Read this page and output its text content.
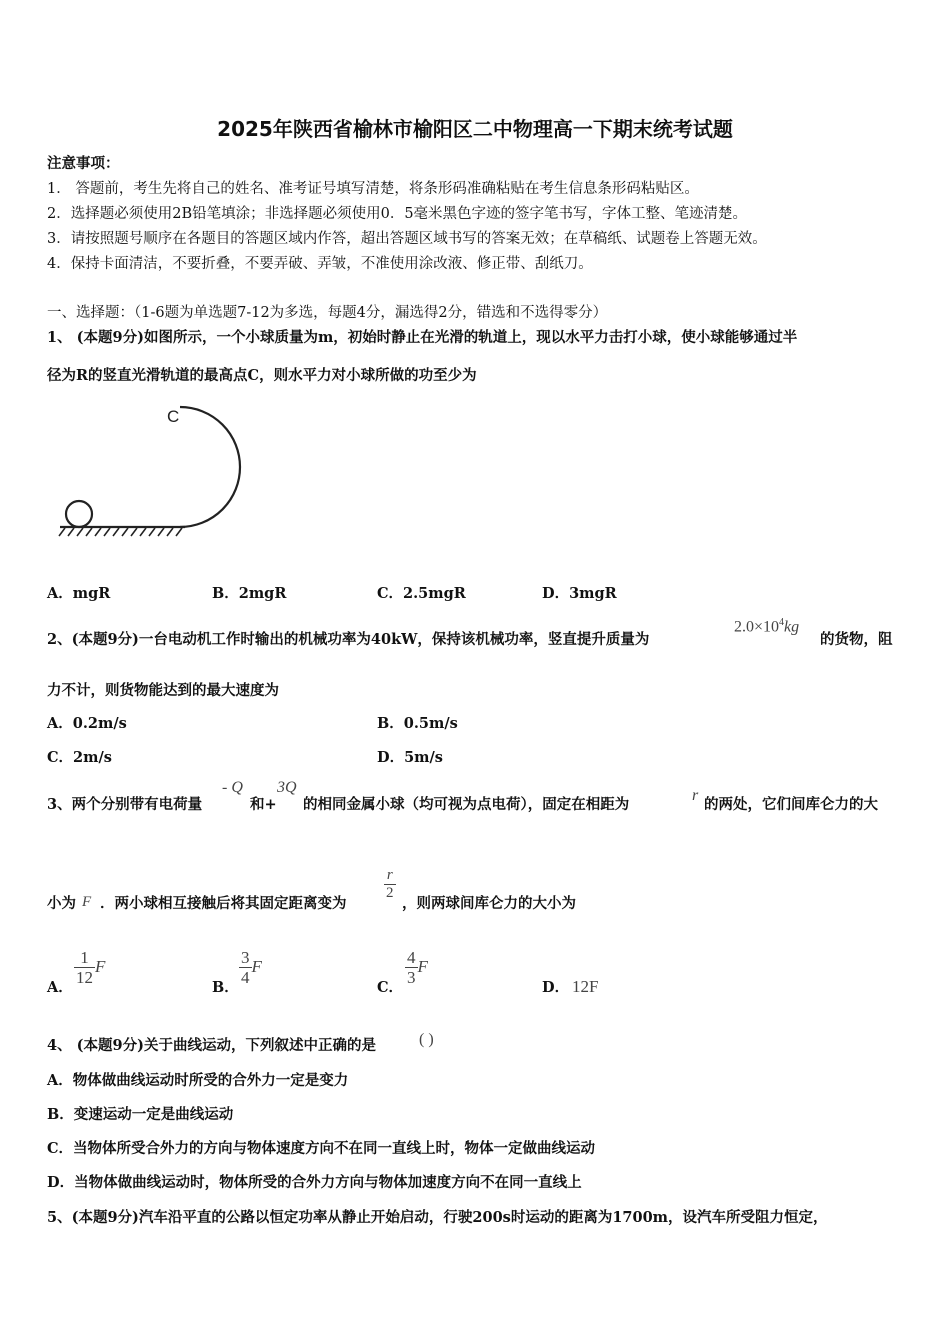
2025年陕西省榆林市榆阳区二中物理高一下期末统考试题
注意事项：
1． 答题前，考生先将自己的姓名、准考证号填写清楚，将条形码准确粘贴在考生信息条形码粘贴区。
2．选择题必须使用2B铅笔填涂；非选择题必须使用0．5毫米黑色字迹的签字笔书写，字体工整、笔迹清楚。
3．请按照题号顺序在各题目的答题区域内作答，超出答题区域书写的答案无效；在草稿纸、试题卷上答题无效。
4．保持卡面清洁，不要折叠，不要弄破、弄皱，不准使用涂改液、修正带、刮纸刀。
一、选择题：（1-6题为单选题7-12为多选，每题4分，漏选得2分，错选和不选得零分）
1、 (本题9分)如图所示，一个小球质量为m，初始时静止在光滑的轨道上，现以水平力击打小球，使小球能够通过半
径为R的竖直光滑轨道的最高点C，则水平力对小球所做的功至少为
C
A．mgR	B．2mgR	C．2.5mgR	D．3mgR
2、(本题9分)一台电动机工作时输出的机械功率为40kW，保持该机械功率，竖直提升质量为
$2.0\times 10^4kg$
的货物，阻
力不计，则货物能达到的最大速度为
A．0.2m/s	B．0.5m/s
C．2m/s	D．5m/s
3、两个分别带有电荷量
- Q
和+
3Q
的相同金属小球（均可视为点电荷），固定在相距为
r
的两处，它们间库仑力的大
小为 F ．两小球相互接触后将其固定距离变为
$\frac{r}{2}$
，则两球间库仑力的大小为
A．
$\frac{1}{12}$ F
B．
$\frac{3}{4}$ F
C．
$\frac{4}{3}$ F
D． 12F
4、 (本题9分)关于曲线运动，下列叙述中正确的是	( )
A．物体做曲线运动时所受的合外力一定是变力
B．变速运动一定是曲线运动
C．当物体所受合外力的方向与物体速度方向不在同一直线上时，物体一定做曲线运动
D．当物体做曲线运动时，物体所受的合外力方向与物体加速度方向不在同一直线上
5、(本题9分)汽车沿平直的公路以恒定功率从静止开始启动，行驶200s时运动的距离为1700m，设汽车所受阻力恒定，
